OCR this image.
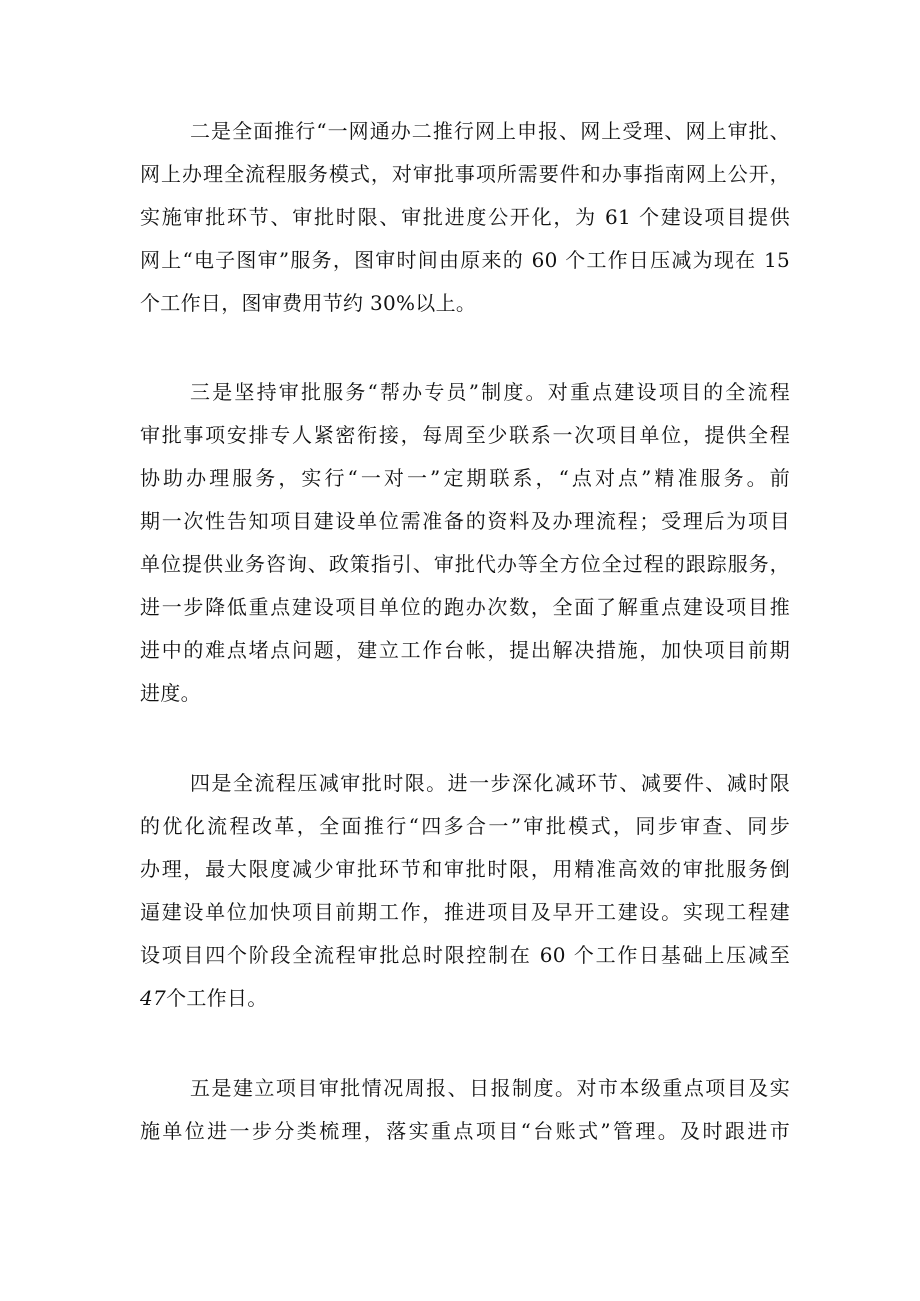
二是全面推行“一网通办二推行网上申报、网上受理、网上审批、
网上办理全流程服务模式，对审批事项所需要件和办事指南网上公开，
实施审批环节、审批时限、审批进度公开化，为 61 个建设项目提供
网上“电子图审”服务，图审时间由原来的 60 个工作日压减为现在 15
个工作日，图审费用节约 30%以上。
三是坚持审批服务“帮办专员”制度。对重点建设项目的全流程
审批事项安排专人紧密衔接，每周至少联系一次项目单位，提供全程
协助办理服务，实行“一对一”定期联系，“点对点”精准服务。前
期一次性告知项目建设单位需准备的资料及办理流程；受理后为项目
单位提供业务咨询、政策指引、审批代办等全方位全过程的跟踪服务，
进一步降低重点建设项目单位的跑办次数，全面了解重点建设项目推
进中的难点堵点问题，建立工作台帐，提出解决措施，加快项目前期
进度。
四是全流程压减审批时限。进一步深化减环节、减要件、减时限
的优化流程改革，全面推行“四多合一”审批模式，同步审查、同步
办理，最大限度减少审批环节和审批时限，用精准高效的审批服务倒
逼建设单位加快项目前期工作，推进项目及早开工建设。实现工程建
设项目四个阶段全流程审批总时限控制在 60 个工作日基础上压减至
47个工作日。
五是建立项目审批情况周报、日报制度。对市本级重点项目及实
施单位进一步分类梳理，落实重点项目“台账式”管理。及时跟进市
